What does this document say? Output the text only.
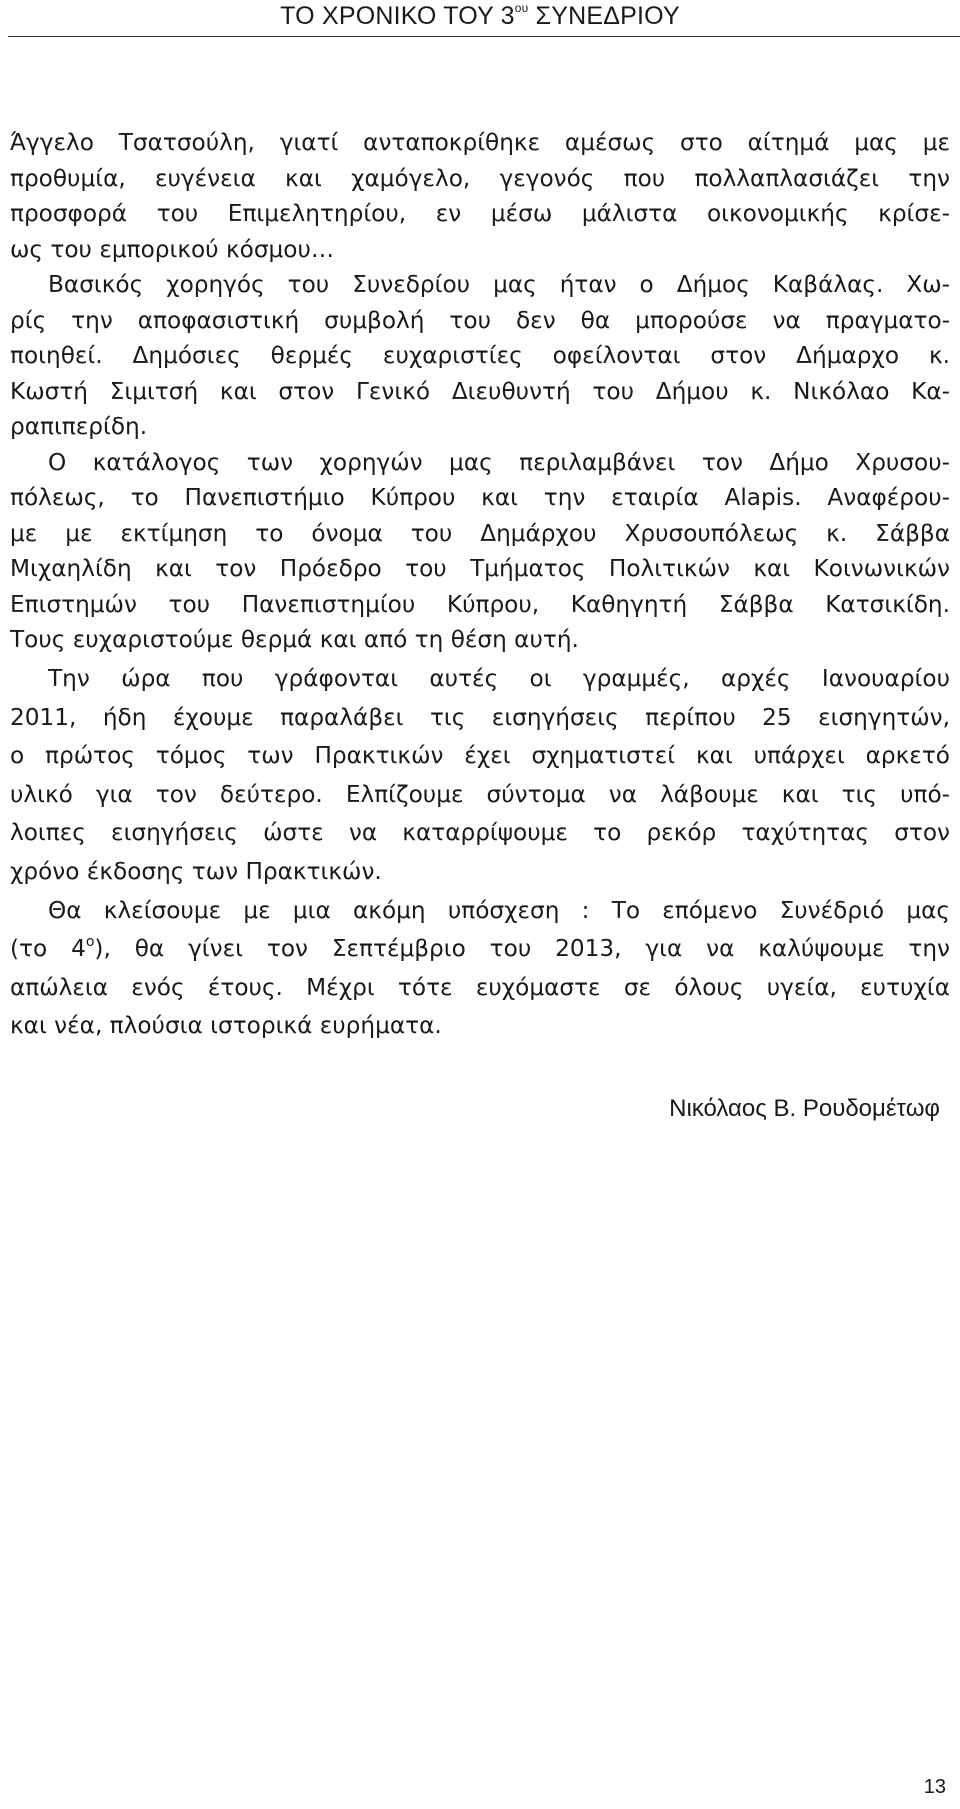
ΤΟ ΧΡΟΝΙΚΟ ΤΟΥ $3^{o\upsilon}$ ΣΥΝΕΔΡΙΟΥ
Άγγελο Τσατσούλη, γιατί ανταποκρίθηκε αμέσως στο αίτημά μας με
προθυμία, ευγένεια και χαμόγελο, γεγονός που πολλαπλασιάζει την
προσφορά του Επιμελητηρίου, εν μέσω μάλιστα οικονομικής κρίσε-
ως του εμπορικού κόσμου…
Βασικός χορηγός του Συνεδρίου μας ήταν ο Δήμος Καβάλας. Χω-
ρίς την αποφασιστική συμβολή του δεν θα μπορούσε να πραγματο-
ποιηθεί. Δημόσιες θερμές ευχαριστίες οφείλονται στον Δήμαρχο κ.
Κωστή Σιμιτσή και στον Γενικό Διευθυντή του Δήμου κ. Νικόλαο Κα-
ραπιπερίδη.
Ο κατάλογος των χορηγών μας περιλαμβάνει τον Δήμο Χρυσου-
πόλεως, το Πανεπιστήμιο Κύπρου και την εταιρία Alapis. Αναφέρου-
με με εκτίμηση το όνομα του Δημάρχου Χρυσουπόλεως κ. Σάββα
Μιχαηλίδη και τον Πρόεδρο του Τμήματος Πολιτικών και Κοινωνικών
Επιστημών του Πανεπιστημίου Κύπρου, Καθηγητή Σάββα Κατσικίδη.
Τους ευχαριστούμε θερμά και από τη θέση αυτή.
Την ώρα που γράφονται αυτές οι γραμμές, αρχές Ιανουαρίου
2011, ήδη έχουμε παραλάβει τις εισηγήσεις περίπου 25 εισηγητών,
ο πρώτος τόμος των Πρακτικών έχει σχηματιστεί και υπάρχει αρκετό
υλικό για τον δεύτερο. Ελπίζουμε σύντομα να λάβουμε και τις υπό-
λοιπες εισηγήσεις ώστε να καταρρίψουμε το ρεκόρ ταχύτητας στον
χρόνο έκδοσης των Πρακτικών.
Θα κλείσουμε με μια ακόμη υπόσχεση : Το επόμενο Συνέδριό μας
(το $4^o$), θα γίνει τον Σεπτέμβριο του 2013, για να καλύψουμε την
απώλεια ενός έτους. Μέχρι τότε ευχόμαστε σε όλους υγεία, ευτυχία
και νέα, πλούσια ιστορικά ευρήματα.
Νικόλαος Β. Ρουδομέτωφ
13
